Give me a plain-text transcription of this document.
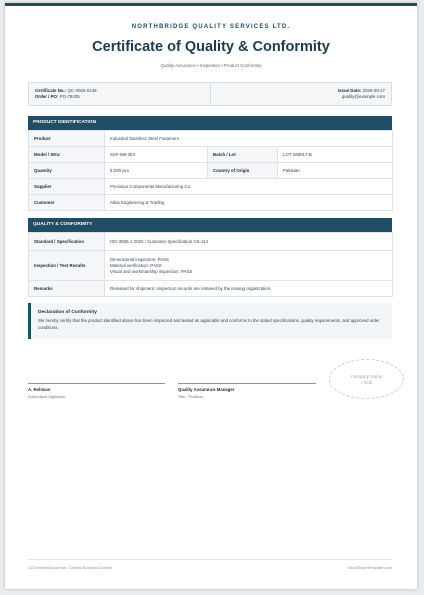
NORTHBRIDGE QUALITY SERVICES LTD.
Certificate of Quality & Conformity
Quality Assurance • Inspection • Product Conformity
Certificate No.: QC-2026-0148
Order / PO: PO-78435
Issue Date: 2026-09-17
quality@example.com
PRODUCT IDENTIFICATION
Product	Industrial Stainless Steel Fasteners		
Model / SKU	SSF-M8-304	Batch / Lot	LOT-260917-B
Quantity	5,000 pcs	Country of Origin	Pakistan
Supplier	Precision Components Manufacturing Co.		
Customer	Atlas Engineering & Trading		
QUALITY & CONFORMITY
Standard / Specification	ISO 3506-1:2020 / Customer Specification CS-114
Inspection / Test Results	Dimensional inspection: PASS
Material verification: PASS
Visual and workmanship inspection: PASS

Remarks	Released for shipment. Inspection records are retained by the issuing organization.
Declaration of Conformity
We hereby certify that the product identified above has been inspected and tested as applicable and conforms to the stated specifications, quality requirements, and approved order conditions.
A. Rehman
Authorized Signatory
Quality Assurance Manager
Title / Position
Company Stamp
/ Seal
123 Industrial Avenue, Central Business District	WordExcelTemplate.com
